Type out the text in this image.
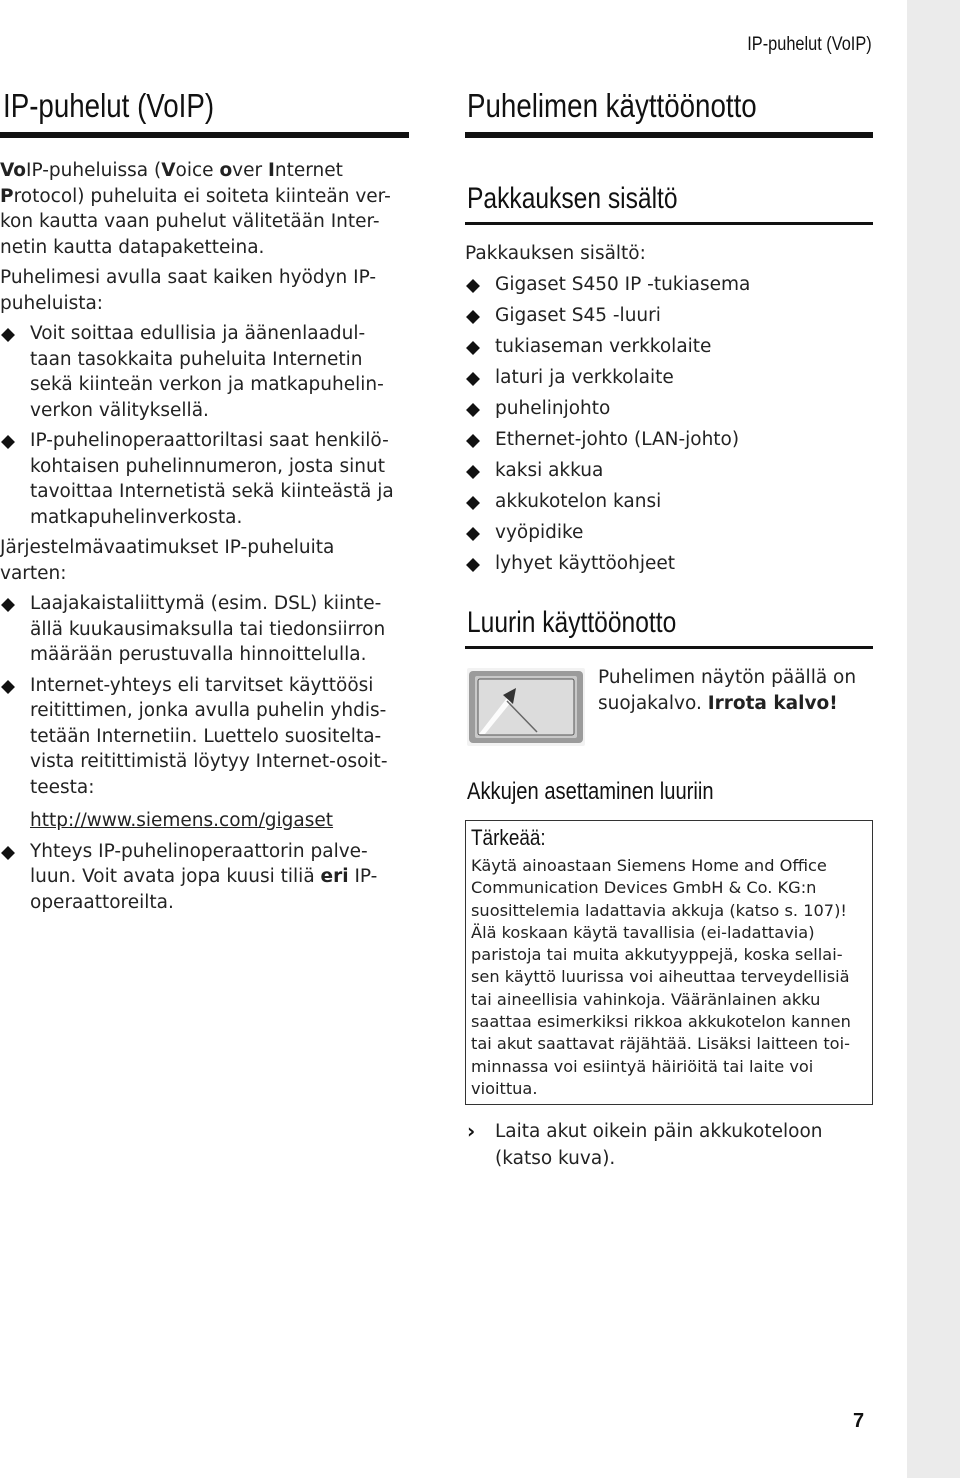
IP-puhelut (VoIP)
7
IP-puhelut (VoIP)

VoIP-puheluissa (Voice over Internet
Protocol) puheluita ei soiteta kiinteän ver-
kon kautta vaan puhelut välitetään Inter-
netin kautta datapaketteina.

Puhelimesi avulla saat kaiken hyödyn IP-
puheluista:

Voit soittaa edullisia ja äänenlaadul-
taan tasokkaita puheluita Internetin
sekä kiinteän verkon ja matkapuhelin-
verkon välityksellä.
IP-puhelinoperaattoriltasi saat henkilö-
kohtaisen puhelinnumeron, josta sinut
tavoittaa Internetistä sekä kiinteästä ja
matkapuhelinverkosta.

Järjestelmävaatimukset IP-puheluita
varten:

Laajakaistaliittymä (esim. DSL) kiinte-
ällä kuukausimaksulla tai tiedonsiirron
määrään perustuvalla hinnoittelulla.
Internet-yhteys eli tarvitset käyttöösi
reitittimen, jonka avulla puhelin yhdis-
tetään Internetiin. Luettelo suositelta-
vista reitittimistä löytyy Internet-osoit-
teesta:
http://www.siemens.com/gigaset
Yhteys IP-puhelinoperaattorin palve-
luun. Voit avata jopa kuusi tiliä eri IP-
operaattoreilta.
Puhelimen käyttöönotto
Pakkauksen sisältö
Pakkauksen sisältö:
Gigaset S450 IP -tukiasema
Gigaset S45 -luuri
tukiaseman verkkolaite
laturi ja verkkolaite
puhelinjohto
Ethernet-johto (LAN-johto)
kaksi akkua
akkukotelon kansi
vyöpidike
lyhyet käyttöohjeet
Luurin käyttöönotto
Akkujen asettaminen luuriin
Puhelimen näytön päällä on
suojakalvo. Irrota kalvo!
Tärkeää:
Käytä ainoastaan Siemens Home and Office
Communication Devices GmbH & Co. KG:n
suosittelemia ladattavia akkuja (katso s. 107)!
Älä koskaan käytä tavallisia (ei-ladattavia)
paristoja tai muita akkutyyppejä, koska sellai-
sen käyttö luurissa voi aiheuttaa terveydellisiä
tai aineellisia vahinkoja. Vääränlainen akku
saattaa esimerkiksi rikkoa akkukotelon kannen
tai akut saattavat räjähtää. Lisäksi laitteen toi-
minnassa voi esiintyä häiriöitä tai laite voi
vioittua.
› Laita akut oikein päin akkukoteloon
(katso kuva).
